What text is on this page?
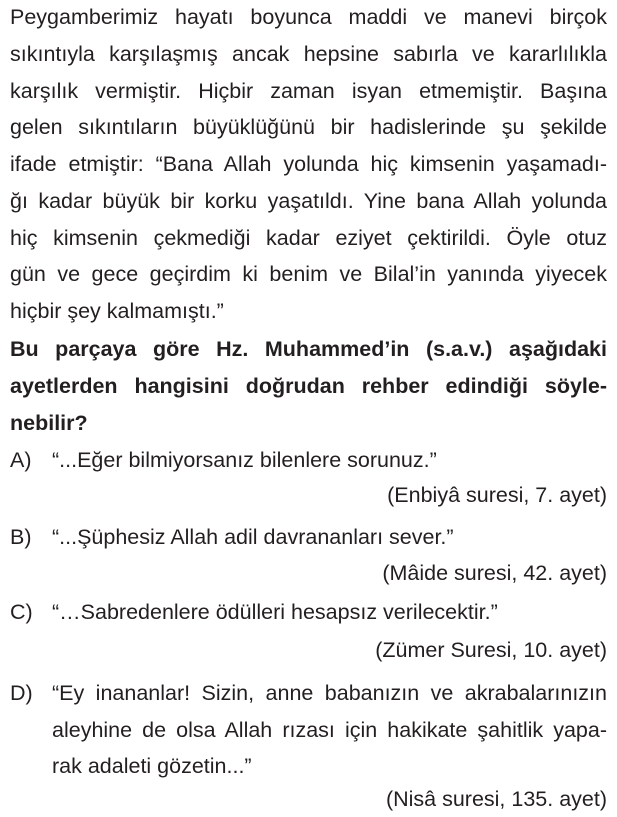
Peygamberimiz hayatı boyunca maddi ve manevi birçok
sıkıntıyla karşılaşmış ancak hepsine sabırla ve kararlılıkla
karşılık vermiştir. Hiçbir zaman isyan etmemiştir. Başına
gelen sıkıntıların büyüklüğünü bir hadislerinde şu şekilde
ifade etmiştir: “Bana Allah yolunda hiç kimsenin yaşamadı-
ğı kadar büyük bir korku yaşatıldı. Yine bana Allah yolunda
hiç kimsenin çekmediği kadar eziyet çektirildi. Öyle otuz
gün ve gece geçirdim ki benim ve Bilal’in yanında yiyecek
hiçbir şey kalmamıştı.”
Bu parçaya göre Hz. Muhammed’in (s.a.v.) aşağıdaki
ayetlerden hangisini doğrudan rehber edindiği söyle-
nebilir?
A) “...Eğer bilmiyorsanız bilenlere sorunuz.”
(Enbiyâ suresi, 7. ayet)
B) “...Şüphesiz Allah adil davrananları sever.”
(Mâide suresi, 42. ayet)
C) “…Sabredenlere ödülleri hesapsız verilecektir.”
(Zümer Suresi, 10. ayet)
D) “Ey inananlar! Sizin, anne babanızın ve akrabalarınızın
aleyhine de olsa Allah rızası için hakikate şahitlik yapa-
rak adaleti gözetin...”
(Nisâ suresi, 135. ayet)
